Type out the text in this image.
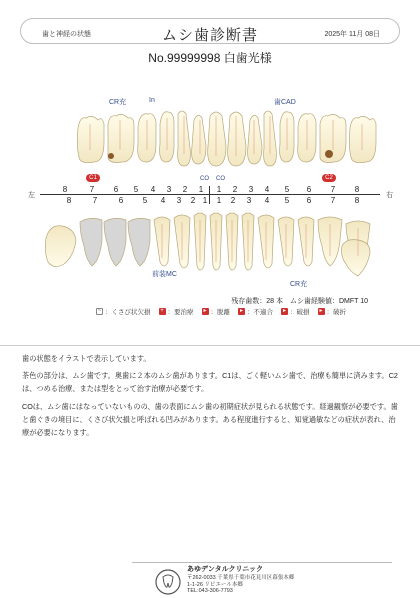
歯と神経の状態	ムシ歯診断書	2025年 11月 08日
No.99999998 白歯光様
CR充	In	歯CAD
C1	C2
CO CO
左	右
8	7	6	5	4	3	2	1	1	2	3	4	5	6	7	8
8	7	6	5	4	3	2 1	1	2	3	4	5	6	7	8
前装MC
CR充
残存歯数：28 本　ムシ歯経験値：DMFT 10
~ ：くさび状欠損 + ：要治療	▸ ：脱離	▸ ：不適合	▸ ：破損	▸ ：破折

歯の状態をイラストで表示しています。

茶色の部分は、ムシ歯です。奥歯に２本のムシ歯があります。C1は、ごく軽いムシ歯で、治療も簡単に済みます。C2は、つめる治療、または型をとって治す治療が必要です。

COは、ムシ歯にはなっていないものの、歯の表面にムシ歯の初期症状が見られる状態です。経過観察が必要です。歯と歯ぐきの境目に、くさび状欠損と呼ばれる凹みがあります。ある程度進行すると、知覚過敏などの症状が表れ、治療が必要になります。

あゆデンタルクリニック
〒262-0033 千葉県千葉市花見川区幕張本郷
1-1-26 リビエール本郷
TEL:043-306-7793
